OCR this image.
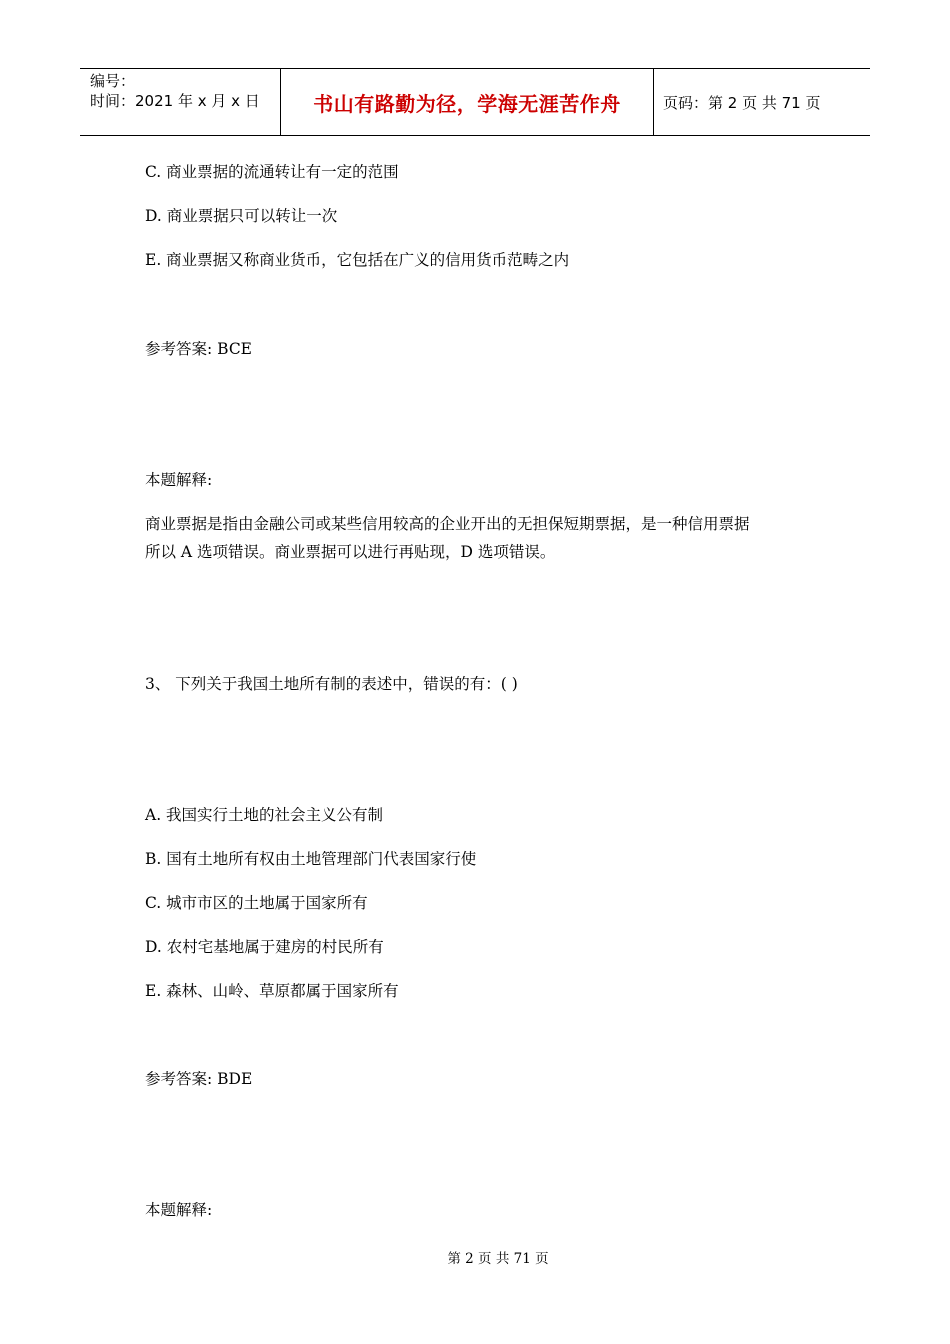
编号：
时间：2021 年 x 月 x 日	书山有路勤为径，学海无涯苦作舟	页码：第 2 页 共 71 页
C. 商业票据的流通转让有一定的范围
D. 商业票据只可以转让一次
E. 商业票据又称商业货币，它包括在广义的信用货币范畴之内
参考答案: BCE
本题解释:
商业票据是指由金融公司或某些信用较高的企业开出的无担保短期票据，是一种信用票据
所以 A 选项错误。商业票据可以进行再贴现，D 选项错误。
3、 下列关于我国土地所有制的表述中，错误的有：( )
A. 我国实行土地的社会主义公有制
B. 国有土地所有权由土地管理部门代表国家行使
C. 城市市区的土地属于国家所有
D. 农村宅基地属于建房的村民所有
E. 森林、山岭、草原都属于国家所有
参考答案: BDE
本题解释:
第 2 页 共 71 页
